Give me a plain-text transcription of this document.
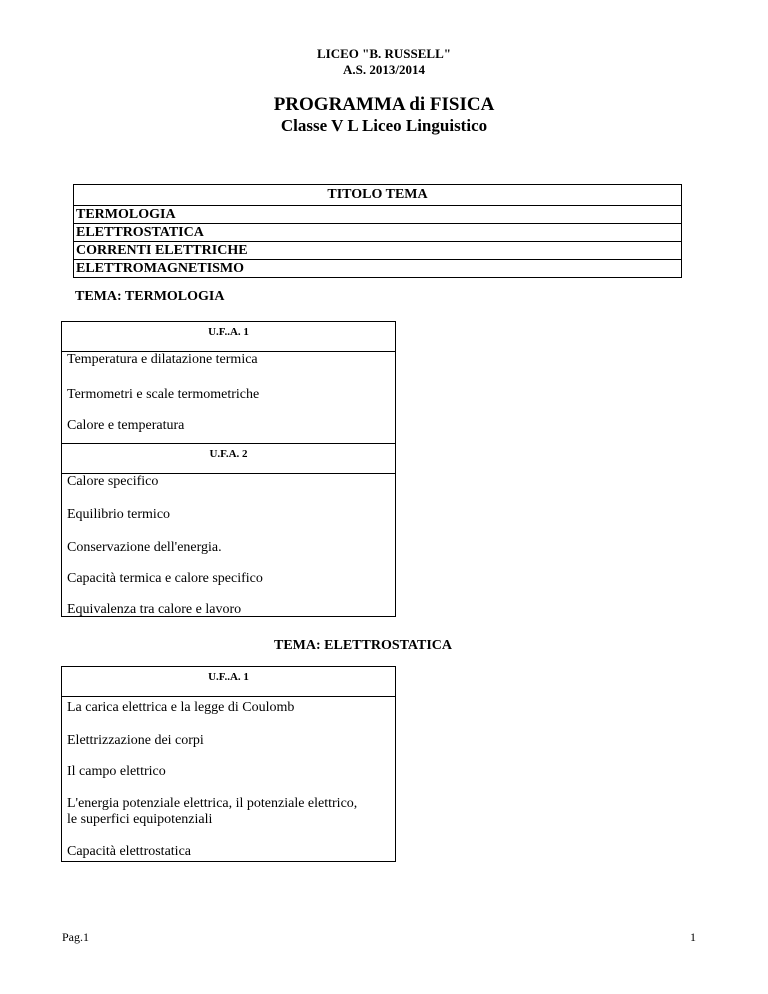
LICEO "B. RUSSELL"
A.S. 2013/2014
PROGRAMMA di FISICA
Classe V L Liceo Linguistico
TITOLO TEMA
TERMOLOGIA
ELETTROSTATICA
CORRENTI ELETTRICHE
ELETTROMAGNETISMO
TEMA: TERMOLOGIA
U.F..A. 1
Temperatura e dilatazione termica
Termometri e scale termometriche
Calore e temperatura
U.F.A. 2
Calore specifico
Equilibrio termico
Conservazione dell'energia.
Capacità termica e calore specifico
Equivalenza tra calore e lavoro
TEMA: ELETTROSTATICA
U.F..A. 1
La carica elettrica e la legge di Coulomb
Elettrizzazione dei corpi
Il campo elettrico
L'energia potenziale elettrica, il potenziale elettrico,
le superfici equipotenziali
Capacità elettrostatica
Pag.1	1
